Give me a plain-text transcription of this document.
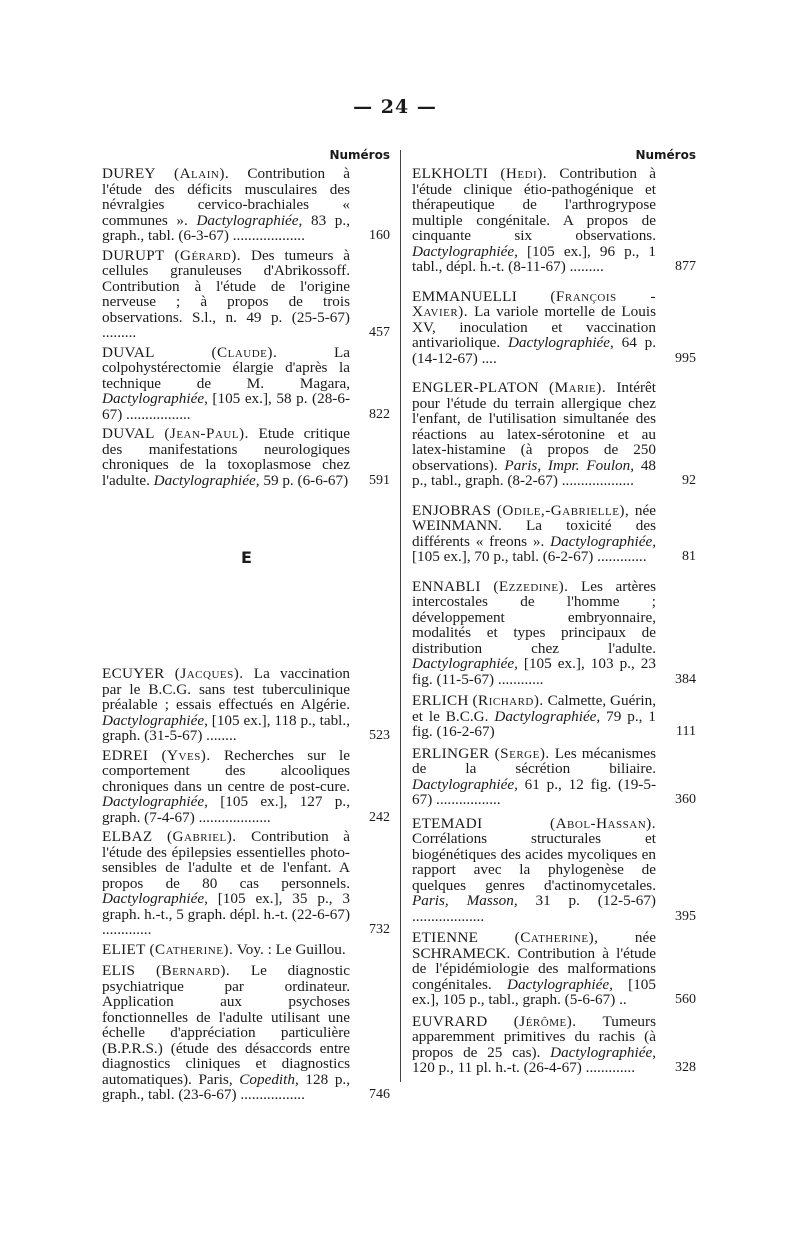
— 24 —
Numéros
DUREY (Alain). Contribution à l'étude des déficits musculaires des névralgies cervico-brachiales « communes ». Dactylographiée, 83 p., graph., tabl. (6-3-67) ...................	160
DURUPT (Gérard). Des tumeurs à cellules granuleuses d'Abrikossoff. Contribution à l'étude de l'origine nerveuse ; à propos de trois observations. S.l., n. 49 p. (25-5-67) .........	457
DUVAL	(Claude). La colpohystérectomie élargie d'après la technique de M. Magara, Dactylographiée, [105 ex.], 58 p. (28-6-67) .................	822
DUVAL (Jean-Paul). Etude critique des manifestations neurologiques chroniques de la toxoplasmose chez l'adulte. Dactylographiée, 59 p. (6-6-67)	591
ECUYER (Jacques). La vaccination par le B.C.G. sans test tuberculinique préalable ; essais effectués en Algérie. Dactylographiée, [105 ex.], 118 p., tabl., graph. (31-5-67) ........	523
EDREI (Yves). Recherches sur le comportement des alcooliques chroniques dans un centre de post-cure. Dactylographiée, [105 ex.], 127 p., graph. (7-4-67) ...................	242
ELBAZ (Gabriel). Contribution à l'étude des épilepsies essentielles photo-sensibles de l'adulte et de l'enfant. A propos de 80 cas personnels. Dactylographiée, [105 ex.], 35 p., 3 graph. h.-t., 5 graph. dépl. h.-t. (22-6-67) .............	732
ELIET (Catherine). Voy. : Le Guillou.
ELIS (Bernard). Le diagnostic psychiatrique par ordinateur. Application aux psychoses fonctionnelles de l'adulte utilisant une échelle d'appréciation particulière (B.P.R.S.) (étude des désaccords entre diagnostics cliniques et diagnostics automatiques). Paris, Copedith, 128 p., graph., tabl. (23-6-67) .................	746
E
Numéros
ELKHOLTI (Hedi). Contribution à l'étude clinique étio-pathogénique et thérapeutique de l'arthrogrypose multiple congénitale. A propos de cinquante six observations. Dactylographiée, [105 ex.], 96 p., 1 tabl., dépl. h.-t. (8-11-67) .........	877
EMMANUELLI (François - Xavier). La variole mortelle de Louis XV, inoculation et vaccination antivariolique. Dactylographiée, 64 p. (14-12-67) ....	995
ENGLER-PLATON (Marie). Intérêt pour l'étude du terrain allergique chez l'enfant, de l'utilisation simultanée des réactions au latex-sérotonine et au latex-histamine (à propos de 250 observations). Paris, Impr. Foulon, 48 p., tabl., graph. (8-2-67) ...................	92
ENJOBRAS (Odile,-Gabrielle), née WEINMANN. La toxicité des différents « freons ». Dactylographiée, [105 ex.], 70 p., tabl. (6-2-67) .............	81
ENNABLI (Ezzedine). Les artères intercostales de l'homme ; développement embryonnaire, modalités et types principaux de distribution chez l'adulte. Dactylographiée, [105 ex.], 103 p., 23 fig. (11-5-67) ............	384
ERLICH (Richard). Calmette, Guérin, et le B.C.G. Dactylographiée, 79 p., 1 fig. (16-2-67)	111
ERLINGER (Serge). Les mécanismes de la sécrétion biliaire. Dactylographiée, 61 p., 12 fig. (19-5-67) .................	360
ETEMADI	(Abol-Hassan). Corrélations structurales et biogénétiques des acides mycoliques en rapport avec la phylogenèse de quelques genres d'actinomycetales. Paris, Masson, 31 p. (12-5-67) ...................	395
ETIENNE (Catherine), née SCHRAMECK. Contribution à l'étude de l'épidémiologie des malformations congénitales. Dactylographiée, [105 ex.], 105 p., tabl., graph. (5-6-67) ..	560
EUVRARD (Jérôme). Tumeurs apparemment primitives du rachis (à propos de 25 cas). Dactylographiée, 120 p., 11 pl. h.-t. (26-4-67) .............	328
